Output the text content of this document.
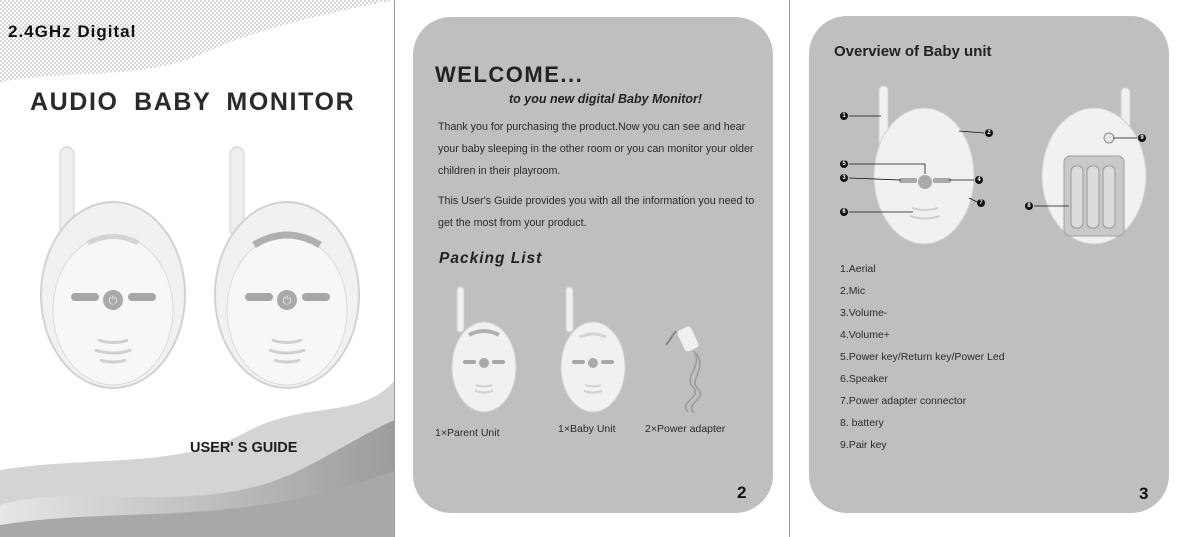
2.4GHz Digital
AUDIO BABY MONITOR
⏻	⏻
USER' S GUIDE
WELCOME...
to you new digital Baby Monitor!

Thank you for purchasing the product.Now you can see and hear your baby sleeping in the other room or you can monitor your older children in their playroom.

This User's Guide provides you with all the information you need to get the most from your product.

Packing List
1×Parent Unit	1×Baby Unit	2×Power adapter
2
Overview of Baby unit
1
2
5
3	4
6
7	8
9
1.Aerial
2.Mic
3.Volume-
4.Volume+
5.Power key/Return key/Power Led
6.Speaker
7.Power adapter connector
8. battery
9.Pair key
3
